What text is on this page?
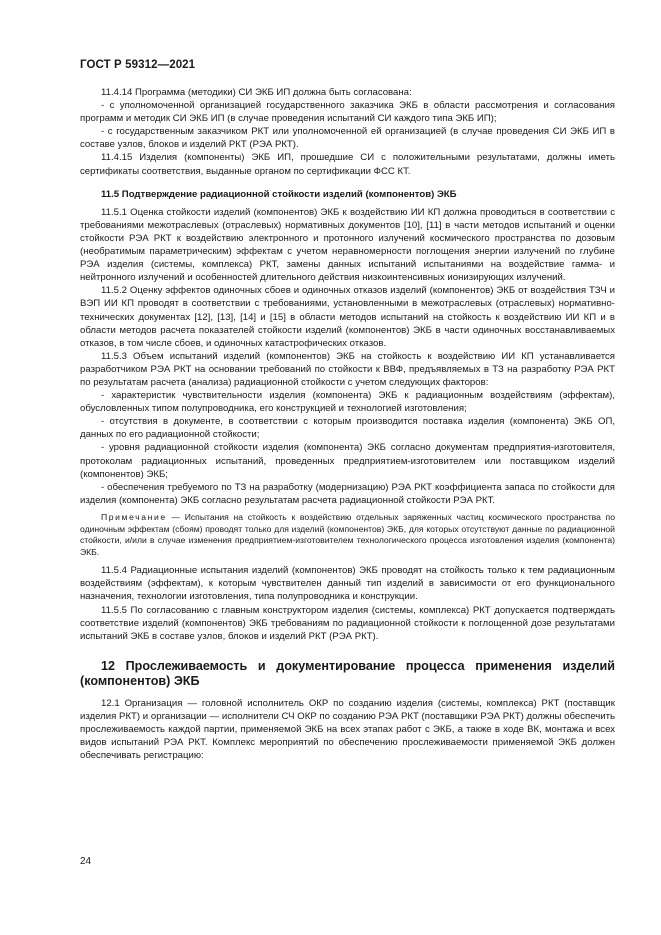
ГОСТ Р 59312—2021

11.4.14 Программа (методики) СИ ЭКБ ИП должна быть согласована:

- с уполномоченной организацией государственного заказчика ЭКБ в области рассмотрения и согласования программ и методик СИ ЭКБ ИП (в случае проведения испытаний СИ каждого типа ЭКБ ИП);

- с государственным заказчиком РКТ или уполномоченной ей организацией (в случае проведения СИ ЭКБ ИП в составе узлов, блоков и изделий РКТ (РЭА РКТ).

11.4.15 Изделия (компоненты) ЭКБ ИП, прошедшие СИ с положительными результатами, должны иметь сертификаты соответствия, выданные органом по сертификации ФСС КТ.

11.5 Подтверждение радиационной стойкости изделий (компонентов) ЭКБ

11.5.1 Оценка стойкости изделий (компонентов) ЭКБ к воздействию ИИ КП должна проводиться в соответствии с требованиями межотраслевых (отраслевых) нормативных документов [10], [11] в части методов испытаний и оценки стойкости РЭА РКТ к воздействию электронного и протонного излучений космического пространства по дозовым (необратимым параметрическим) эффектам с учетом неравномерности поглощения энергии излучений по глубине РЭА изделия (системы, комплекса) РКТ, замены данных испытаний испытаниями на воздействие гамма- и нейтронного излучений и особенностей длительного действия низкоинтенсивных ионизирующих излучений.

11.5.2 Оценку эффектов одиночных сбоев и одиночных отказов изделий (компонентов) ЭКБ от воздействия ТЗЧ и ВЭП ИИ КП проводят в соответствии с требованиями, установленными в межотраслевых (отраслевых) нормативно-технических документах [12], [13], [14] и [15] в области методов испытаний на стойкость к воздействию ИИ КП и в области методов расчета показателей стойкости изделий (компонентов) ЭКБ в части одиночных восстанавливаемых отказов, в том числе сбоев, и одиночных катастрофических отказов.

11.5.3 Объем испытаний изделий (компонентов) ЭКБ на стойкость к воздействию ИИ КП устанавливается разработчиком РЭА РКТ на основании требований по стойкости к ВВФ, предъявляемых в ТЗ на разработку РЭА РКТ по результатам расчета (анализа) радиационной стойкости с учетом следующих факторов:

- характеристик чувствительности изделия (компонента) ЭКБ к радиационным воздействиям (эффектам), обусловленных типом полупроводника, его конструкцией и технологией изготовления;

- отсутствия в документе, в соответствии с которым производится поставка изделия (компонента) ЭКБ ОП, данных по его радиационной стойкости;

- уровня радиационной стойкости изделия (компонента) ЭКБ согласно документам предприятия-изготовителя, протоколам радиационных испытаний, проведенных предприятием-изготовителем или поставщиком изделий (компонентов) ЭКБ;

- обеспечения требуемого по ТЗ на разработку (модернизацию) РЭА РКТ коэффициента запаса по стойкости для изделия (компонента) ЭКБ согласно результатам расчета радиационной стойкости РЭА РКТ.

Примечание — Испытания на стойкость к воздействию отдельных заряженных частиц космического пространства по одиночным эффектам (сбоям) проводят только для изделий (компонентов) ЭКБ, для которых отсутствуют данные по радиационной стойкости, и/или в случае изменения предприятием-изготовителем технологического процесса изготовления изделия (компонента) ЭКБ.

11.5.4 Радиационные испытания изделий (компонентов) ЭКБ проводят на стойкость только к тем радиационным воздействиям (эффектам), к которым чувствителен данный тип изделий в зависимости от его функционального назначения, технологии изготовления, типа полупроводника и конструкции.

11.5.5 По согласованию с главным конструктором изделия (системы, комплекса) РКТ допускается подтверждать соответствие изделий (компонентов) ЭКБ требованиям по радиационной стойкости к поглощенной дозе результатами испытаний ЭКБ в составе узлов, блоков и изделий РКТ (РЭА РКТ).

12 Прослеживаемость и документирование процесса применения изделий (компонентов) ЭКБ

12.1 Организация — головной исполнитель ОКР по созданию изделия (системы, комплекса) РКТ (поставщик изделия РКТ) и организации — исполнители СЧ ОКР по созданию РЭА РКТ (поставщики РЭА РКТ) должны обеспечить прослеживаемость каждой партии, применяемой ЭКБ на всех этапах работ с ЭКБ, а также в ходе ВК, монтажа и всех видов испытаний РЭА РКТ. Комплекс мероприятий по обеспечению прослеживаемости применяемой ЭКБ должен обеспечивать регистрацию:

24
